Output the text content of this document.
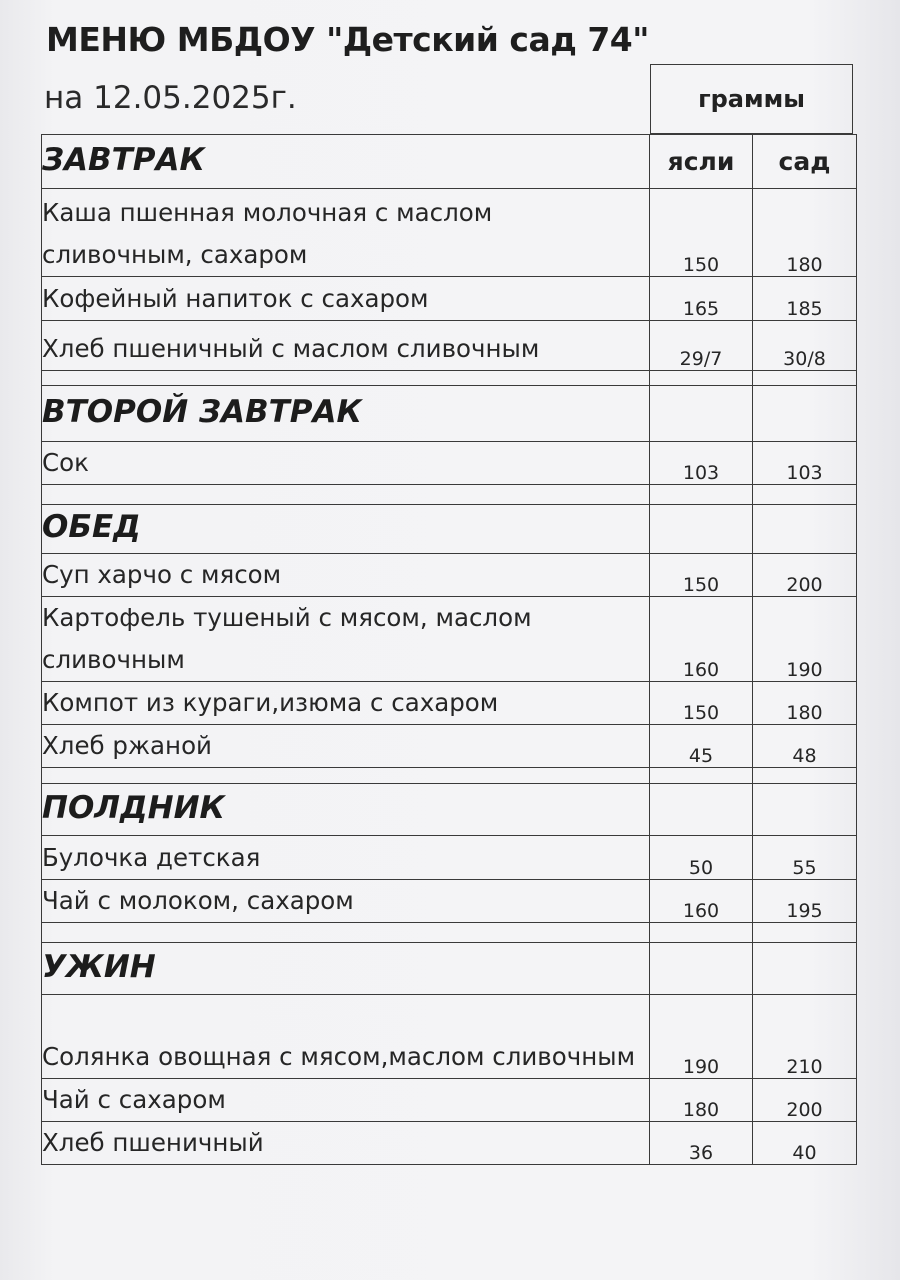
МЕНЮ МБДОУ "Детский сад 74"
на 12.05.2025г.	граммы
ЗАВТРАК	ясли	сад
Каша пшенная молочная с маслом сливочным, сахаром	150	180
Кофейный напиток с сахаром	165	185
Хлеб пшеничный с маслом сливочным	29/7	30/8

ВТОРОЙ ЗАВТРАК		
Сок	103	103

ОБЕД		
Суп харчо с мясом	150	200
Картофель тушеный с мясом, маслом сливочным	160	190
Компот из кураги,изюма с сахаром	150	180
Хлеб ржаной	45	48

ПОЛДНИК		
Булочка детская	50	55
Чай с молоком, сахаром	160	195

УЖИН		
Солянка овощная с мясом,маслом сливочным	190	210
Чай с сахаром	180	200
Хлеб пшеничный	36	40
